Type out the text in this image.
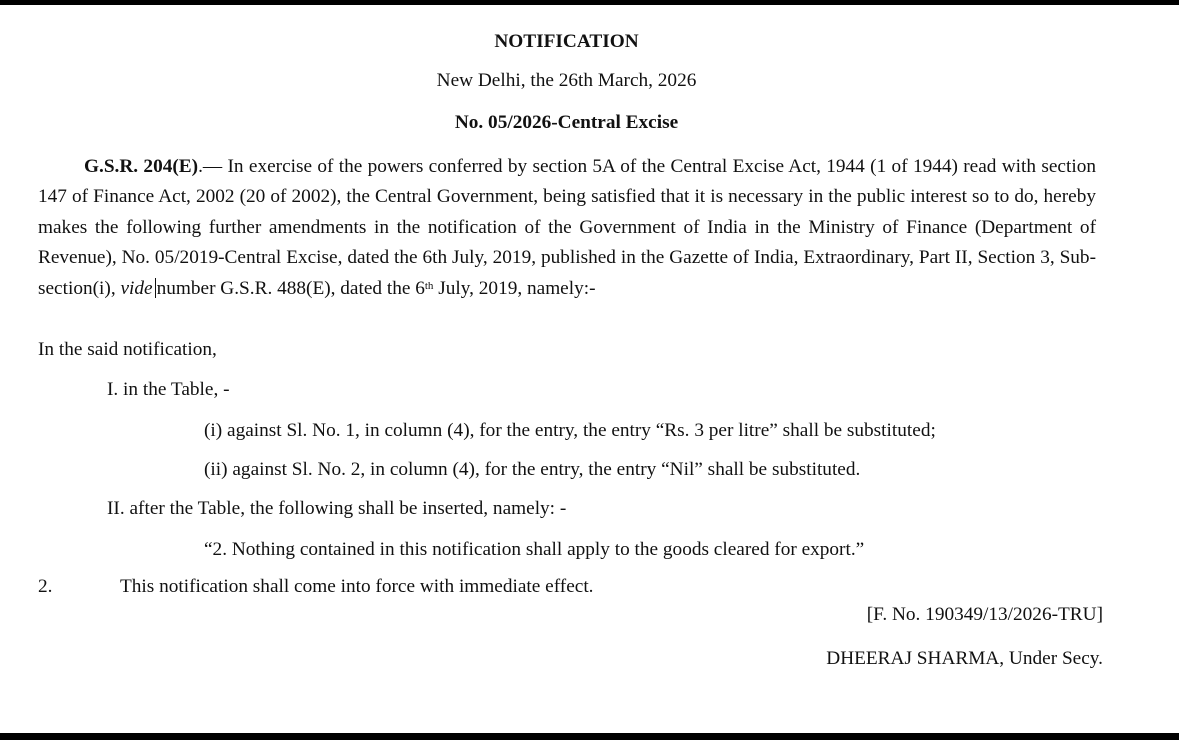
NOTIFICATION
New Delhi, the 26th March, 2026
No. 05/2026-Central Excise
G.S.R. 204(E).— In exercise of the powers conferred by section 5A of the Central Excise Act, 1944 (1 of 1944) read with section 147 of Finance Act, 2002 (20 of 2002), the Central Government, being satisfied that it is necessary in the public interest so to do, hereby makes the following further amendments in the notification of the Government of India in the Ministry of Finance (Department of Revenue), No. 05/2019-Central Excise, dated the 6th July, 2019, published in the Gazette of India, Extraordinary, Part II, Section 3, Sub-section(i), vide number G.S.R. 488(E), dated the 6th July, 2019, namely:-
In the said notification,
I. in the Table, -
(i) against Sl. No. 1, in column (4), for the entry, the entry “Rs. 3 per litre” shall be substituted;
(ii) against Sl. No. 2, in column (4), for the entry, the entry “Nil” shall be substituted.
II. after the Table, the following shall be inserted, namely: -
“2. Nothing contained in this notification shall apply to the goods cleared for export.”
2.	This notification shall come into force with immediate effect.
[F. No. 190349/13/2026-TRU]
DHEERAJ SHARMA, Under Secy.
